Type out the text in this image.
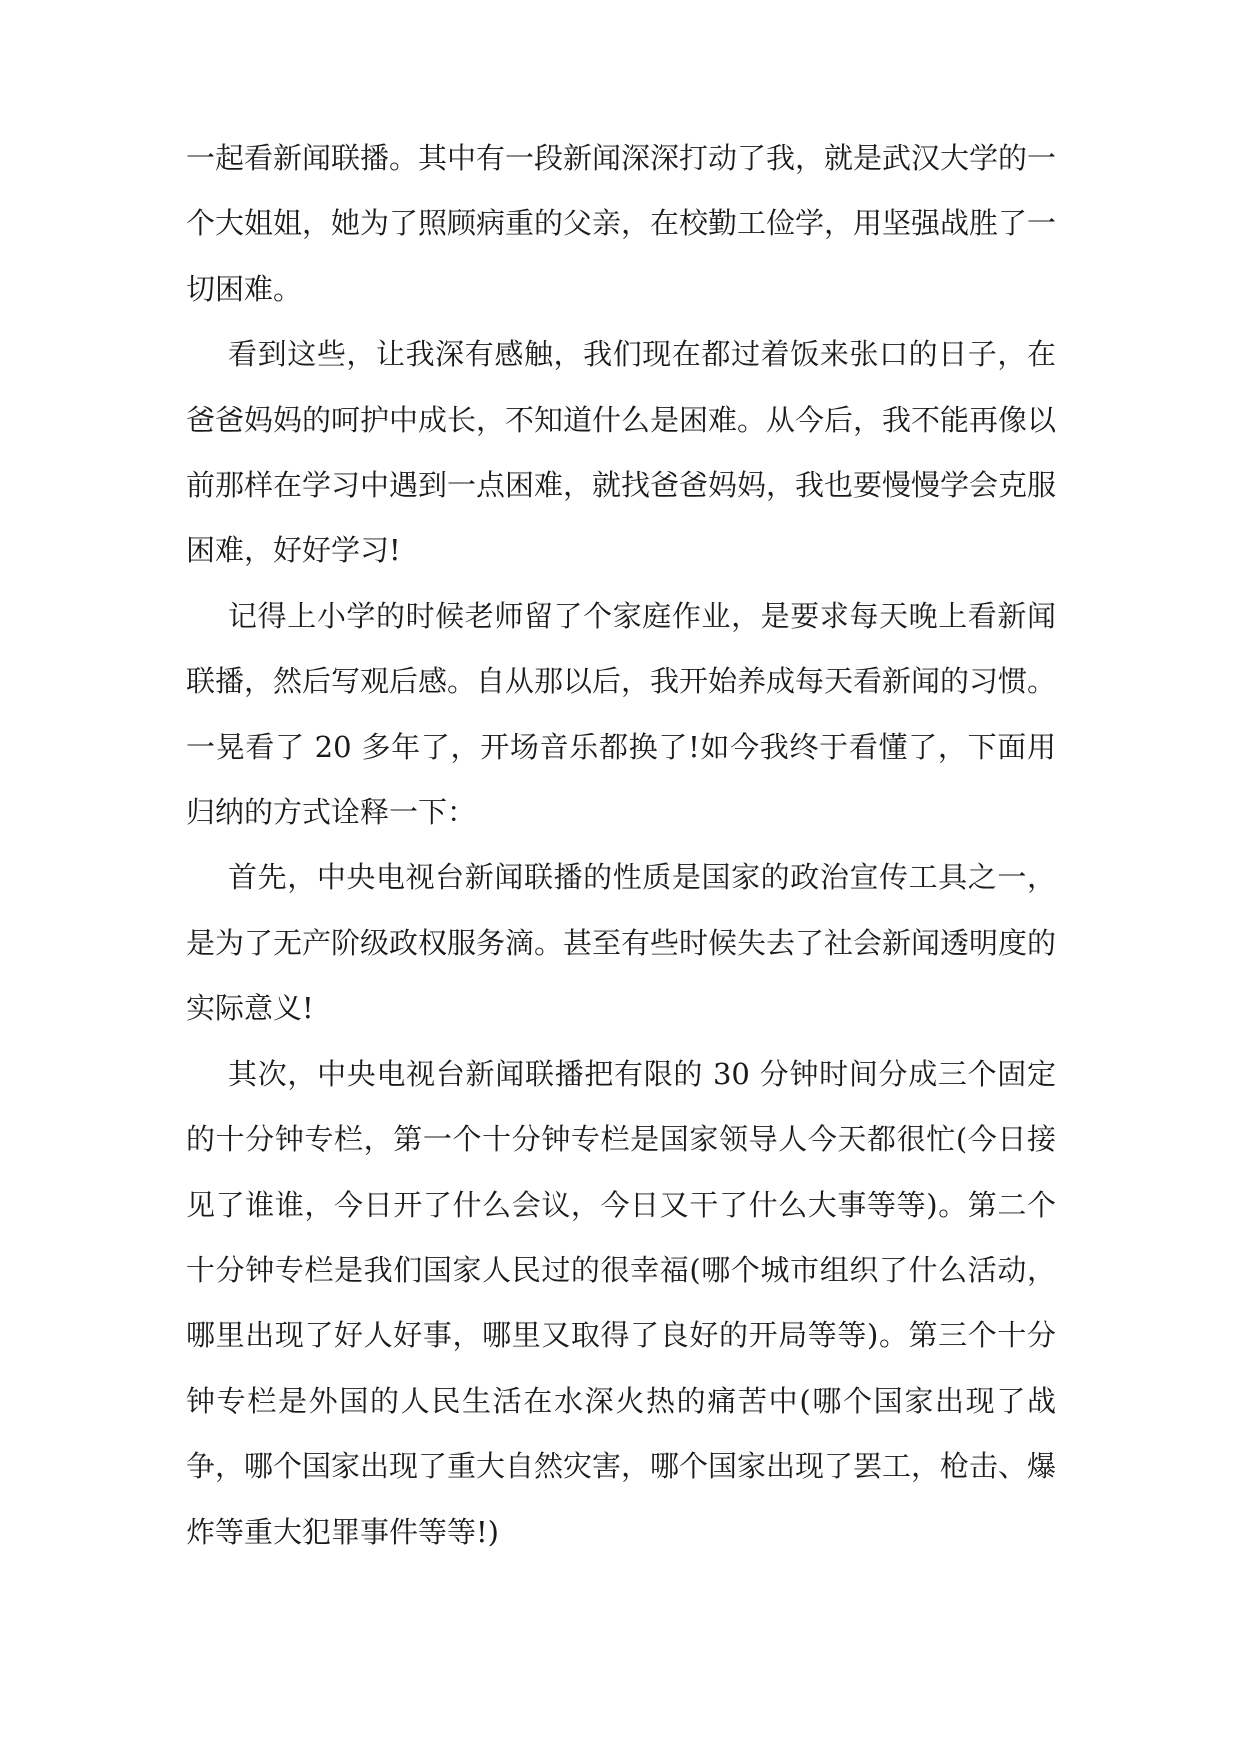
一起看新闻联播。其中有一段新闻深深打动了我，就是武汉大学的一个大姐姐，她为了照顾病重的父亲，在校勤工俭学，用坚强战胜了一切困难。

看到这些，让我深有感触，我们现在都过着饭来张口的日子，在爸爸妈妈的呵护中成长，不知道什么是困难。从今后，我不能再像以前那样在学习中遇到一点困难，就找爸爸妈妈，我也要慢慢学会克服困难，好好学习!

记得上小学的时候老师留了个家庭作业，是要求每天晚上看新闻联播，然后写观后感。自从那以后，我开始养成每天看新闻的习惯。一晃看了 20 多年了，开场音乐都换了!如今我终于看懂了，下面用归纳的方式诠释一下：

首先，中央电视台新闻联播的性质是国家的政治宣传工具之一，是为了无产阶级政权服务滴。甚至有些时候失去了社会新闻透明度的实际意义!

其次，中央电视台新闻联播把有限的 30 分钟时间分成三个固定的十分钟专栏，第一个十分钟专栏是国家领导人今天都很忙(今日接见了谁谁，今日开了什么会议，今日又干了什么大事等等)。第二个十分钟专栏是我们国家人民过的很幸福(哪个城市组织了什么活动，哪里出现了好人好事，哪里又取得了良好的开局等等)。第三个十分钟专栏是外国的人民生活在水深火热的痛苦中(哪个国家出现了战争，哪个国家出现了重大自然灾害，哪个国家出现了罢工，枪击、爆炸等重大犯罪事件等等!)
